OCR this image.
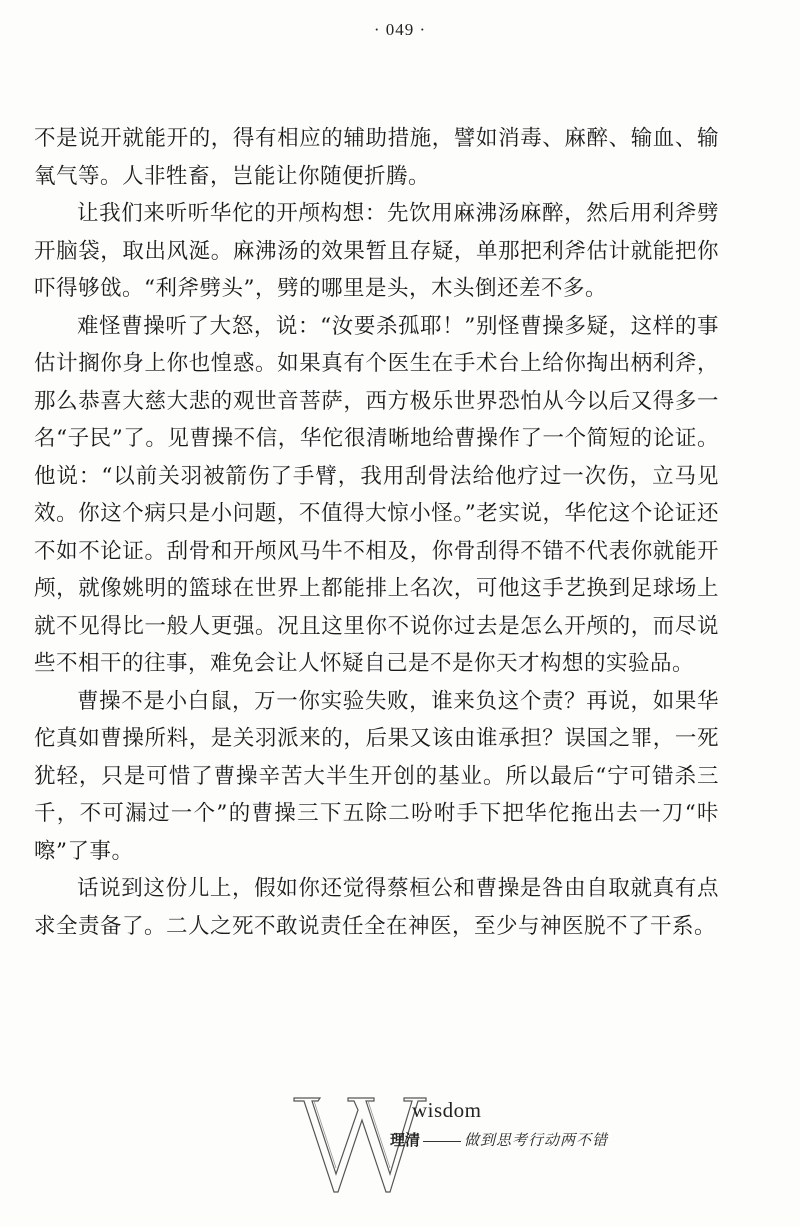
· 049 ·

不是说开就能开的，得有相应的辅助措施，譬如消毒、麻醉、输血、输氧气等。人非牲畜，岂能让你随便折腾。

让我们来听听华佗的开颅构想：先饮用麻沸汤麻醉，然后用利斧劈开脑袋，取出风涎。麻沸汤的效果暂且存疑，单那把利斧估计就能把你吓得够戗。“利斧劈头”，劈的哪里是头，木头倒还差不多。

难怪曹操听了大怒，说：“汝要杀孤耶！”别怪曹操多疑，这样的事估计搁你身上你也惶惑。如果真有个医生在手术台上给你掏出柄利斧，那么恭喜大慈大悲的观世音菩萨，西方极乐世界恐怕从今以后又得多一名“子民”了。见曹操不信，华佗很清晰地给曹操作了一个简短的论证。他说：“以前关羽被箭伤了手臂，我用刮骨法给他疗过一次伤，立马见效。你这个病只是小问题，不值得大惊小怪。”老实说，华佗这个论证还不如不论证。刮骨和开颅风马牛不相及，你骨刮得不错不代表你就能开颅，就像姚明的篮球在世界上都能排上名次，可他这手艺换到足球场上就不见得比一般人更强。况且这里你不说你过去是怎么开颅的，而尽说些不相干的往事，难免会让人怀疑自己是不是你天才构想的实验品。

曹操不是小白鼠，万一你实验失败，谁来负这个责？再说，如果华佗真如曹操所料，是关羽派来的，后果又该由谁承担？误国之罪，一死犹轻，只是可惜了曹操辛苦大半生开创的基业。所以最后“宁可错杀三千，不可漏过一个”的曹操三下五除二吩咐手下把华佗拖出去一刀“咔嚓”了事。

话说到这份儿上，假如你还觉得蔡桓公和曹操是咎由自取就真有点求全责备了。二人之死不敢说责任全在神医，至少与神医脱不了干系。

wisdom
理清	做到思考行动两不错
